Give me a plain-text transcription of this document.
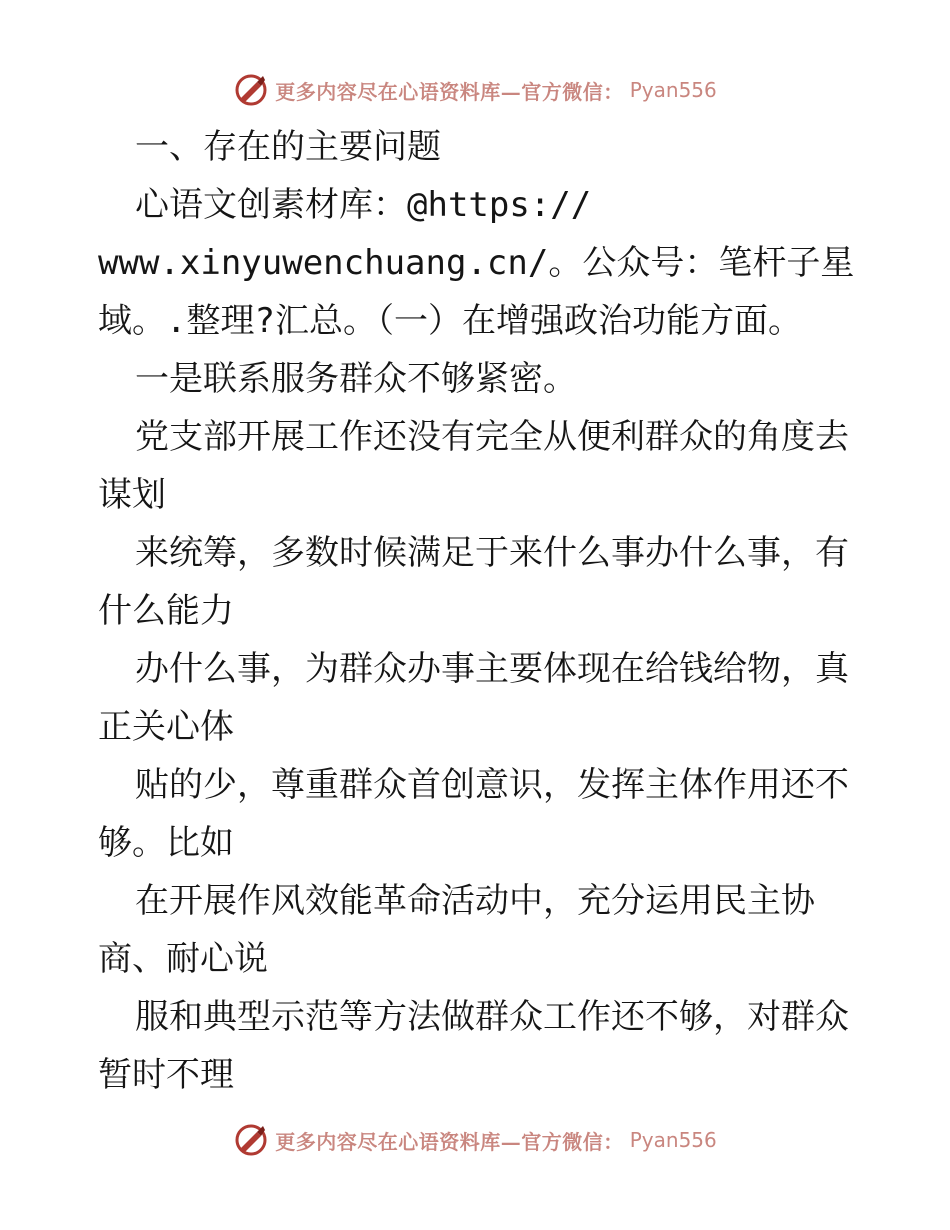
更多内容尽在心语资料库—官方微信： Pyan556
一、存在的主要问题
心语文创素材库：@https://
www.xinyuwenchuang.cn/。公众号：笔杆子星
域。.整理?汇总。（一）在增强政治功能方面。
一是联系服务群众不够紧密。
党支部开展工作还没有完全从便利群众的角度去
谋划
来统筹，多数时候满足于来什么事办什么事，有
什么能力
办什么事，为群众办事主要体现在给钱给物，真
正关心体
贴的少，尊重群众首创意识，发挥主体作用还不
够。比如
在开展作风效能革命活动中，充分运用民主协
商、耐心说
服和典型示范等方法做群众工作还不够，对群众
暂时不理
更多内容尽在心语资料库—官方微信： Pyan556
